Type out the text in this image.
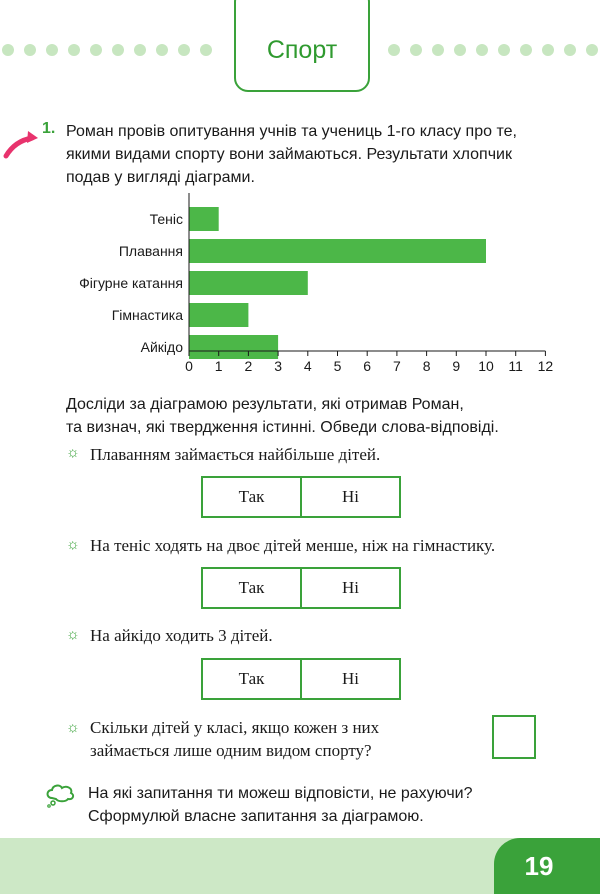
Спорт
1. Роман провів опитування учнів та учениць 1-го класу про те,
якими видами спорту вони займаються. Результати хлопчик
подав у вигляді діаграми.
Теніс
Плавання
Фігурне катання
Гімнастика
Айкідо
0 1 2 3 4 5 6 7 8 9 10 11 12
Досліди за діаграмою результати, які отримав Роман,
та визнач, які твердження істинні. Обведи слова-відповіді.
☼ Плаванням займається найбільше дітей.
Так	Ні
☼ На теніс ходять на двоє дітей менше, ніж на гімнастику.
Так	Ні
☼ На айкідо ходить 3 дітей.
Так	Ні
☼ Скільки дітей у класі, якщо кожен з них
займається лише одним видом спорту?
На які запитання ти можеш відповісти, не рахуючи?
Сформулюй власне запитання за діаграмою.
19
